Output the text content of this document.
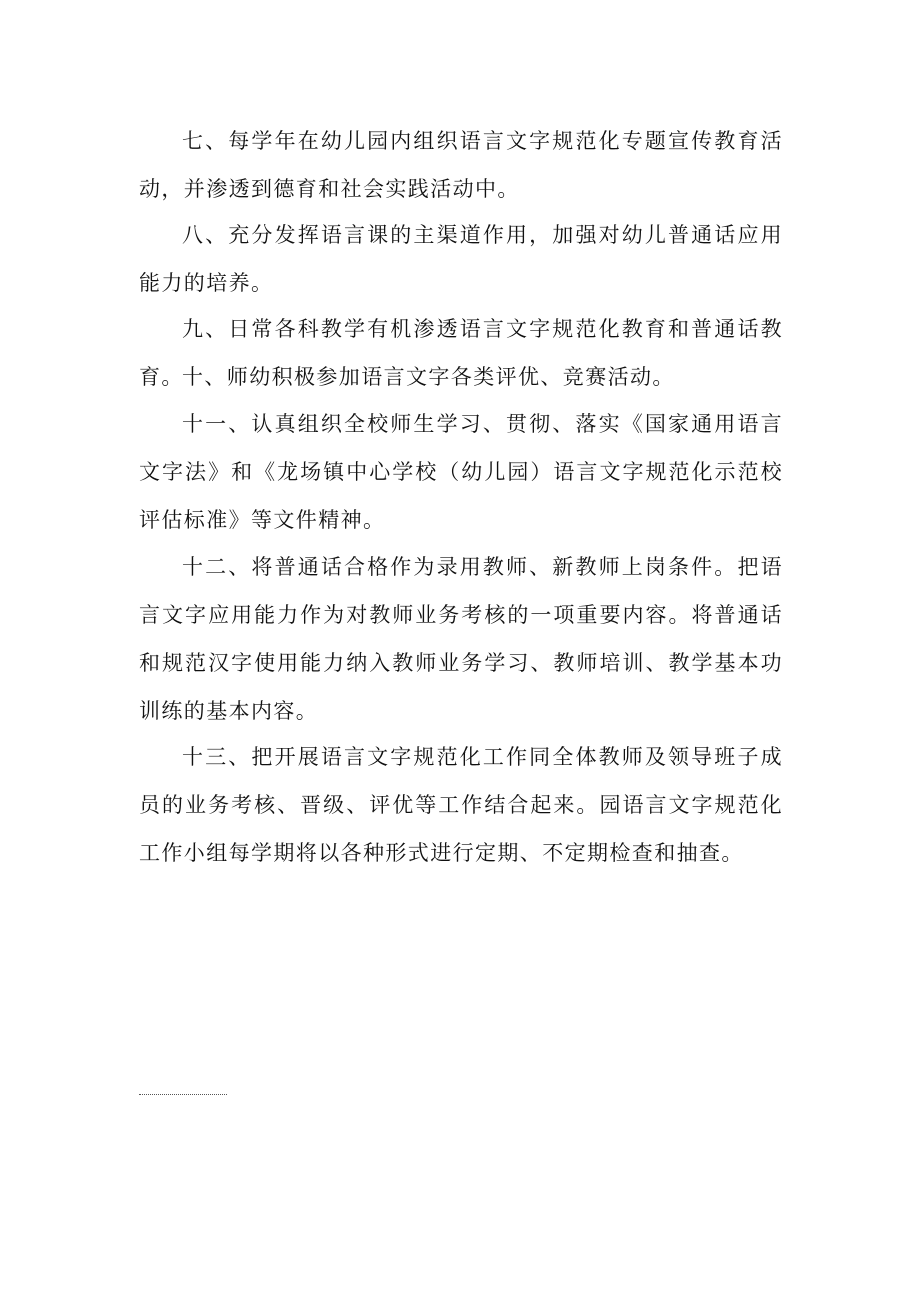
七、每学年在幼儿园内组织语言文字规范化专题宣传教育活动，并渗透到德育和社会实践活动中。

八、充分发挥语言课的主渠道作用，加强对幼儿普通话应用能力的培养。

九、日常各科教学有机渗透语言文字规范化教育和普通话教育。

十、师幼积极参加语言文字各类评优、竞赛活动。

十一、认真组织全校师生学习、贯彻、落实《国家通用语言文字法》和《龙场镇中心学校（幼儿园）语言文字规范化示范校评估标准》等文件精神。

十二、将普通话合格作为录用教师、新教师上岗条件。把语言文字应用能力作为对教师业务考核的一项重要内容。将普通话和规范汉字使用能力纳入教师业务学习、教师培训、教学基本功训练的基本内容。

十三、把开展语言文字规范化工作同全体教师及领导班子成员的业务考核、晋级、评优等工作结合起来。园语言文字规范化工作小组每学期将以各种形式进行定期、不定期检查和抽查。
